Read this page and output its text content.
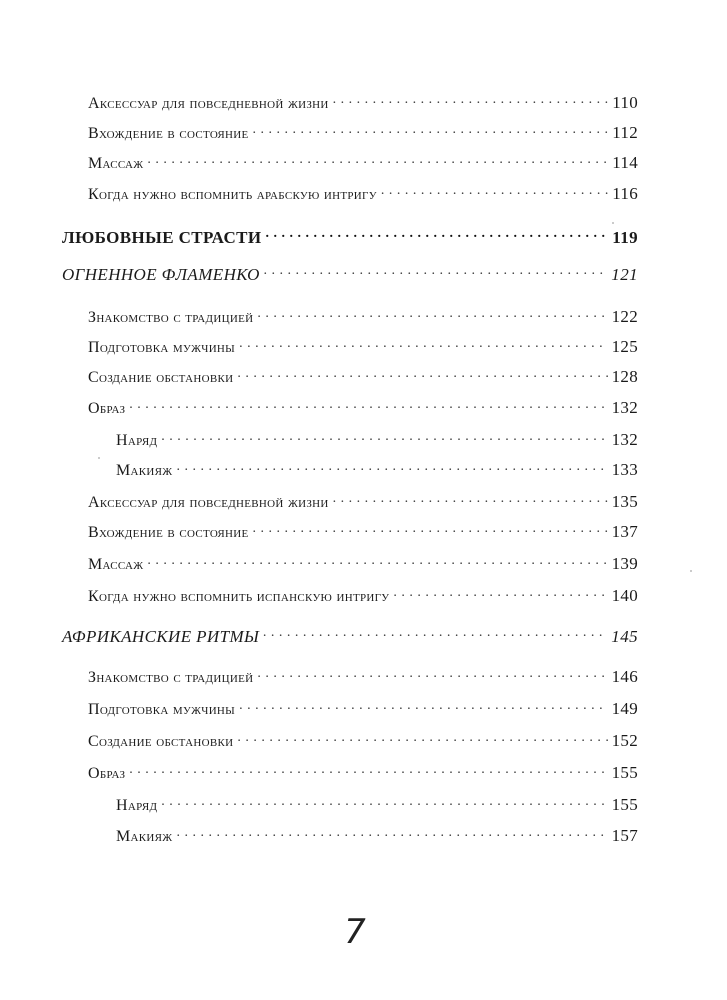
Аксессуар для повседневной жизни . . .	110
Вхождение в состояние . . .	112
Массаж . . .	114
Когда нужно вспомнить арабскую интригу . . .	116
ЛЮБОВНЫЕ СТРАСТИ . . .	119
ОГНЕННОЕ ФЛАМЕНКО . . .	121
Знакомство с традицией . . .	122
Подготовка мужчины . . .	125
Создание обстановки . . .	128
Образ . . .	132
Наряд . . .	132
Макияж . . .	133
Аксессуар для повседневной жизни . . .	135
Вхождение в состояние . . .	137
Массаж . . .	139
Когда нужно вспомнить испанскую интригу . . .	140
АФРИКАНСКИЕ РИТМЫ . . .	145
Знакомство с традицией . . .	146
Подготовка мужчины . . .	149
Создание обстановки . . .	152
Образ . . .	155
Наряд . . .	155
Макияж . . .	157
7
